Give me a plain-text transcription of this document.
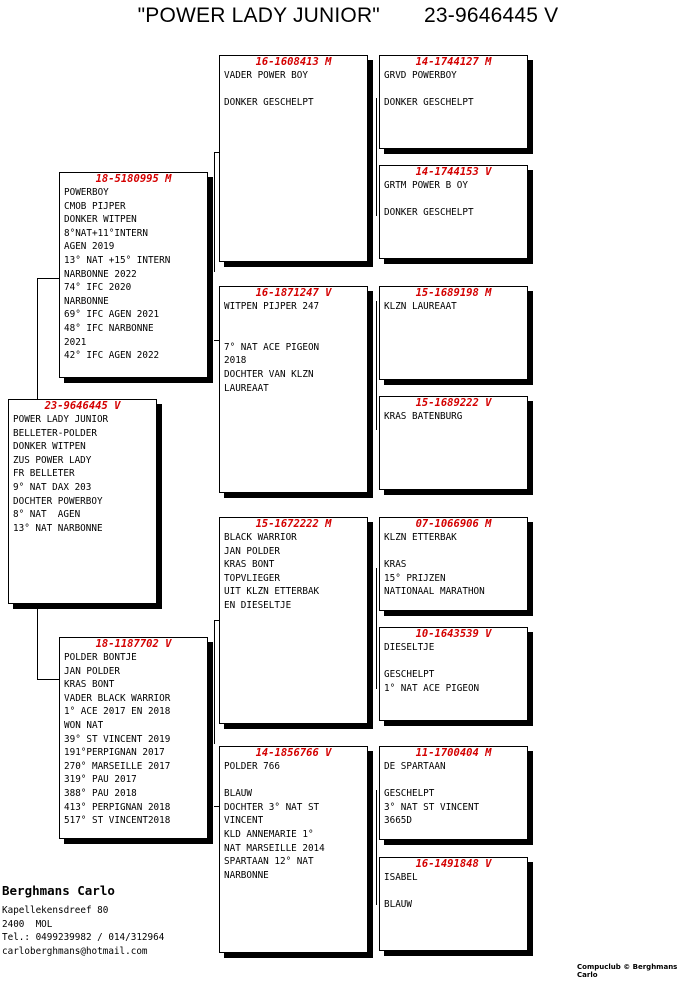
"POWER LADY JUNIOR" 23-9646445 V
23-9646445 V
POWER LADY JUNIOR
BELLETER-POLDER
DONKER WITPEN
ZUS POWER LADY
FR BELLETER
9° NAT DAX 203
DOCHTER POWERBOY
8° NAT  AGEN
13° NAT NARBONNE
18-5180995 M
POWERBOY
CMOB PIJPER
DONKER WITPEN
8°NAT+11°INTERN
AGEN 2019
13° NAT +15° INTERN
NARBONNE 2022
74° IFC 2020
NARBONNE
69° IFC AGEN 2021
48° IFC NARBONNE
2021
42° IFC AGEN 2022
18-1187702 V
POLDER BONTJE
JAN POLDER
KRAS BONT
VADER BLACK WARRIOR
1° ACE 2017 EN 2018
WON NAT
39° ST VINCENT 2019
191°PERPIGNAN 2017
270° MARSEILLE 2017
319° PAU 2017
388° PAU 2018
413° PERPIGNAN 2018
517° ST VINCENT2018
16-1608413 M
VADER POWER BOY
DONKER GESCHELPT
16-1871247 V
WITPEN PIJPER 247
7° NAT ACE PIGEON
2018
DOCHTER VAN KLZN
LAUREAAT
15-1672222 M
BLACK WARRIOR
JAN POLDER
KRAS BONT
TOPVLIEGER
UIT KLZN ETTERBAK
EN DIESELTJE
14-1856766 V
POLDER 766
BLAUW
DOCHTER 3° NAT ST
VINCENT
KLD ANNEMARIE 1°
NAT MARSEILLE 2014
SPARTAAN 12° NAT
NARBONNE
14-1744127 M
GRVD POWERBOY
DONKER GESCHELPT
14-1744153 V
GRTM POWER B OY
DONKER GESCHELPT
15-1689198 M
KLZN LAUREAAT
15-1689222 V
KRAS BATENBURG
07-1066906 M
KLZN ETTERBAK
KRAS
15° PRIJZEN
NATIONAAL MARATHON
10-1643539 V
DIESELTJE
GESCHELPT
1° NAT ACE PIGEON
11-1700404 M
DE SPARTAAN
GESCHELPT
3° NAT ST VINCENT
3665D
16-1491848 V
ISABEL
BLAUW
Berghmans Carlo
Kapellekensdreef 80
2400  MOL
Tel.: 0499239982 / 014/312964
carloberghmans@hotmail.com
Compuclub © Berghmans Carlo
